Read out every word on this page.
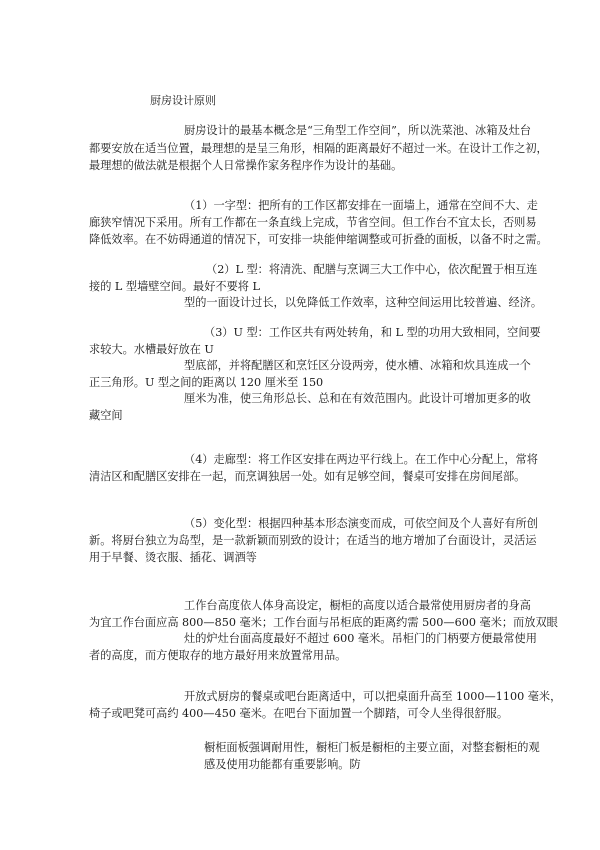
厨房设计原则
厨房设计的最基本概念是“三角型工作空间”，所以洗菜池、冰箱及灶台
都要安放在适当位置，最理想的是呈三角形，相隔的距离最好不超过一米。在设计工作之初，
最理想的做法就是根据个人日常操作家务程序作为设计的基础。
（1）一字型：把所有的工作区都安排在一面墙上，通常在空间不大、走
廊狭窄情况下采用。所有工作都在一条直线上完成，节省空间。但工作台不宜太长，否则易
降低效率。在不妨碍通道的情况下，可安排一块能伸缩调整或可折叠的面板，以备不时之需。
（2）L 型：将清洗、配膳与烹调三大工作中心，依次配置于相互连
接的 L 型墙壁空间。最好不要将 L
型的一面设计过长，以免降低工作效率，这种空间运用比较普遍、经济。
（3）U 型：工作区共有两处转角，和 L 型的功用大致相同，空间要
求较大。水槽最好放在 U
型底部，并将配膳区和烹饪区分设两旁，使水槽、冰箱和炊具连成一个
正三角形。U 型之间的距离以 120 厘米至 150
厘米为准，使三角形总长、总和在有效范围内。此设计可增加更多的收
藏空间
（4）走廊型：将工作区安排在两边平行线上。在工作中心分配上，常将
清洁区和配膳区安排在一起，而烹调独居一处。如有足够空间，餐桌可安排在房间尾部。
（5）变化型：根据四种基本形态演变而成，可依空间及个人喜好有所创
新。将厨台独立为岛型，是一款新颖而别致的设计；在适当的地方增加了台面设计，灵活运
用于早餐、烫衣服、插花、调酒等
工作台高度依人体身高设定，橱柜的高度以适合最常使用厨房者的身高
为宜工作台面应高 800—850 毫米；工作台面与吊柜底的距离约需 500—600 毫米；而放双眼
灶的炉灶台面高度最好不超过 600 毫米。吊柜门的门柄要方便最常使用
者的高度，而方便取存的地方最好用来放置常用品。
开放式厨房的餐桌或吧台距离适中，可以把桌面升高至 1000—1100 毫米，
椅子或吧凳可高约 400—450 毫米。在吧台下面加置一个脚踏，可令人坐得很舒服。
橱柜面板强调耐用性，橱柜门板是橱柜的主要立面，对整套橱柜的观
感及使用功能都有重要影响。防
